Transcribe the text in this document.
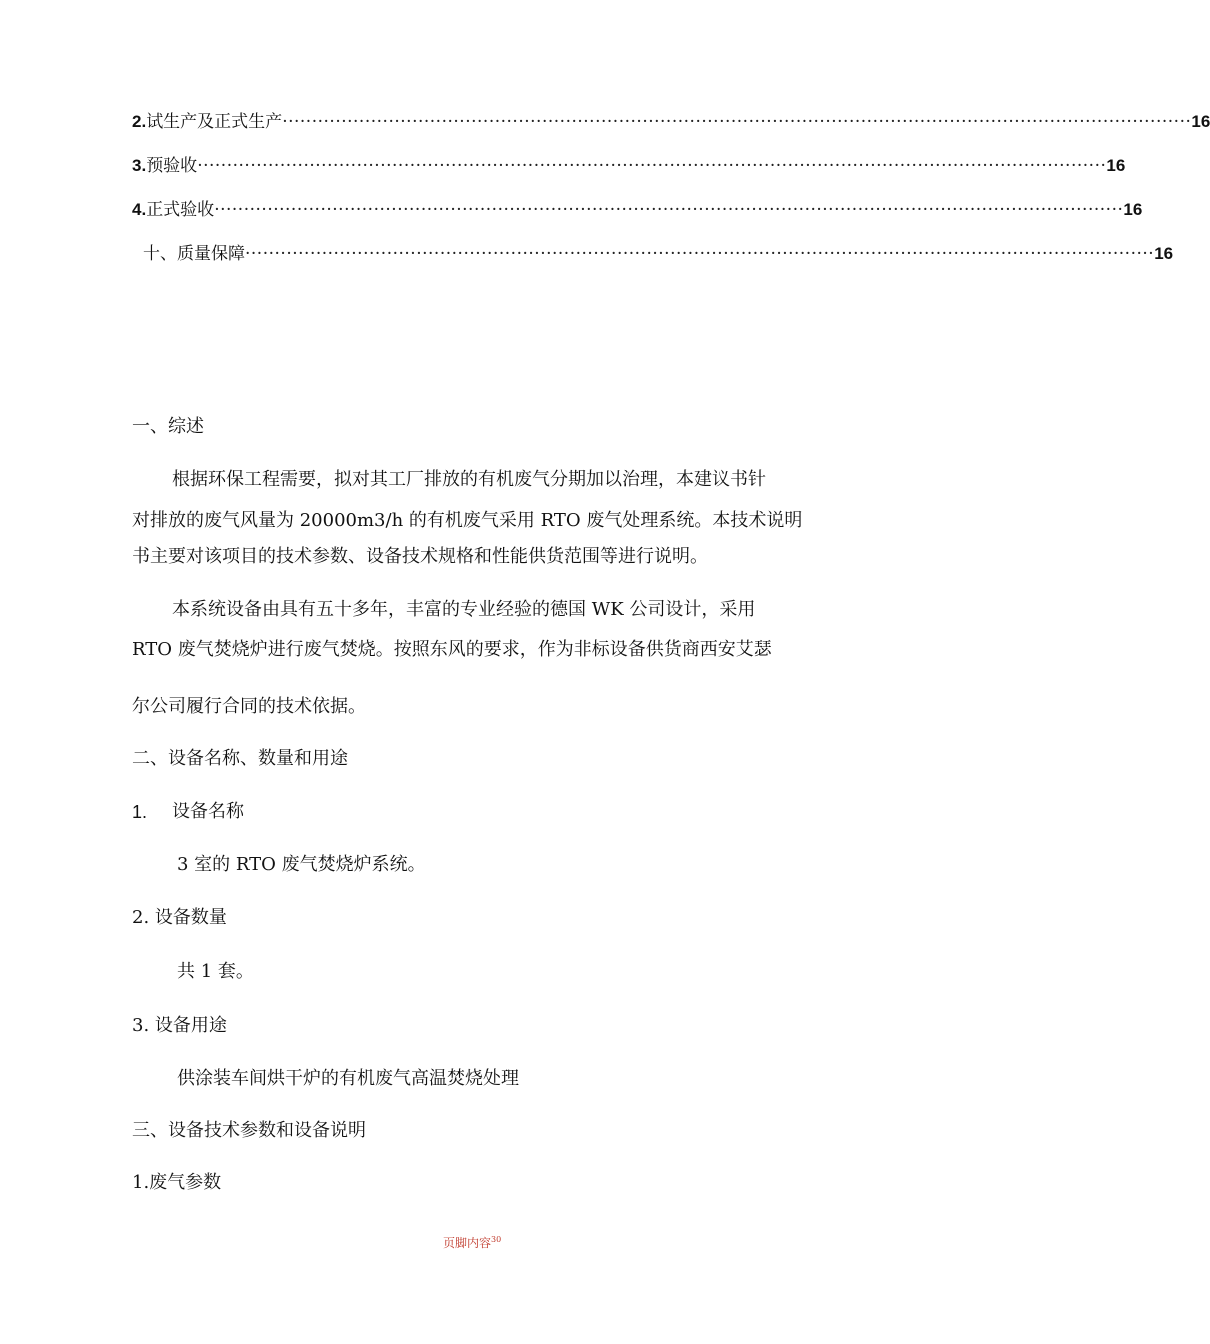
2. 试生产及正式生产 ·························································································································································· 16
3. 预验收 ·························································································································································· 16
4. 正式验收 ·························································································································································· 16
十、质量保障 ·························································································································································· 16
一、综述
根据环保工程需要，拟对其工厂排放的有机废气分期加以治理，本建议书针
对排放的废气风量为 20000m3/h 的有机废气采用 RTO 废气处理系统。本技术说明
书主要对该项目的技术参数、设备技术规格和性能供货范围等进行说明。
本系统设备由具有五十多年，丰富的专业经验的德国 WK 公司设计，采用
RTO 废气焚烧炉进行废气焚烧。按照东风的要求，作为非标设备供货商西安艾瑟
尔公司履行合同的技术依据。
二、设备名称、数量和用途
1. 设备名称
3 室的 RTO 废气焚烧炉系统。
2. 设备数量
共 1 套。
3. 设备用途
供涂装车间烘干炉的有机废气高温焚烧处理
三、设备技术参数和设备说明
1.废气参数
页脚内容$^{30}$
